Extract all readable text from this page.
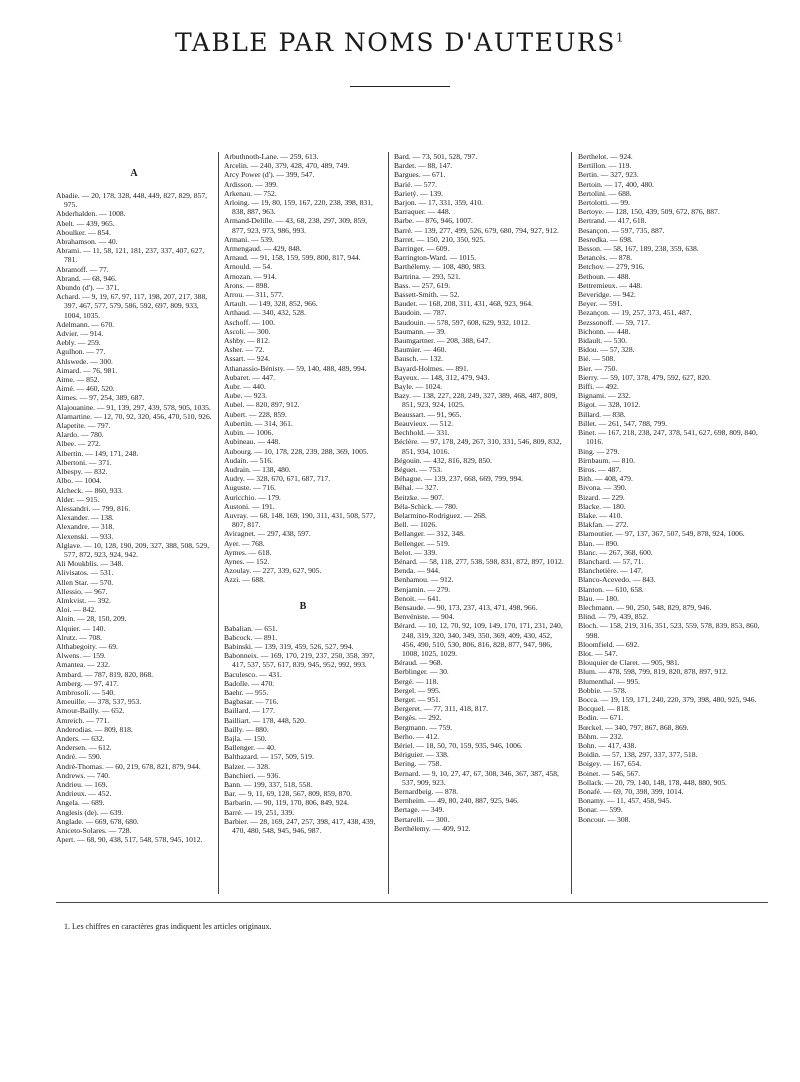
TABLE PAR NOMS D'AUTEURS$^1$

A

Abadie. — 20, 178, 328, 448, 449, 827, 829, 857, 975.

Abderhalden. — 1008.

Abelt. — 439, 965.

Aboulker. — 854.

Abrahamson. — 40.

Abrami. — 11, 58, 121, 181, 237, 337, 407, 627, 781.

Abramoff. — 77.

Abrand. — 68, 946.

Abundo (d'). — 371.

Achard. — 9, 19, 67, 97, 117, 198, 207, 217, 388, 397, 467, 577, 579, 586, 592, 697, 809, 933, 1004, 1035.

Adelmann. — 670.

Advier. — 914.

Aebly. — 259.

Agulhon. — 77.

Ahlswede. — 300.

Aimard. — 76, 981.

Aime. — 852.

Aimé. — 460, 520.

Aimes. — 97, 254, 389, 687.

Alajouanine. — 91, 139, 297, 439, 578, 905, 1035.

Alamartine. — 12, 70, 92, 320, 456, 470, 510, 926.

Alapetite. — 797.

Alardo. — 780.

Albee. — 272.

Albertin. — 149, 171, 248.

Albertoni. — 371.

Albespy. — 832.

Albo. — 1004.

Alcheck. — 860, 933.

Alder. — 915.

Alessandri. — 799, 816.

Alexander. — 138.

Alexandre. — 318.

Alexenski. — 933.

Alglave. — 10, 128, 190, 209, 327, 388, 508, 529, 577, 872, 923, 924, 942.

Ali Moukblis. — 348.

Alivisatos. — 531.

Allen Star. — 570.

Allessio. — 967.

Almkvist. — 392.

Aloi. — 842.

Aloin. — 28, 150, 209.

Alquier. — 140.

Alrutz. — 708.

Althabegoity. — 69.

Alwens. — 159.

Amantea. — 232.

Ambard. — 787, 819, 820, 868.

Amberg. — 97, 417.

Ambrosoli. — 540.

Ameuille. — 378, 537, 953.

Amour-Bailly. — 652.

Amreich. — 771.

Anderodias. — 809, 818.

Anders. — 632.

Andersen. — 612.

André. — 590.

André-Thomas. — 60, 219, 678, 821, 879, 944.

Andrews. — 740.

Andrieu. — 169.

Andrieux. — 452.

Angela. — 689.

Anglesis (de). — 639.

Anglade. — 669, 678, 680.

Aniceto-Solares. — 728.

Apert. — 68, 90, 438, 517, 548, 578, 945, 1012.

Arbuthnoth-Lane. — 259, 613.

Arcelin. — 240, 379, 428, 470, 489, 749.

Arcy Power (d'). — 399, 547.

Ardisson. — 399.

Arkenau. — 752.

Arloing. — 19, 80, 159, 167, 220, 238, 398, 831, 838, 887, 963.

Armand-Delille. — 43, 68, 238, 297, 309, 859, 877, 923, 973, 986, 993.

Armani. — 539.

Armengaud. — 429, 848.

Arnaud. — 91, 158, 159, 599, 800, 817, 944.

Arnould. — 54.

Arnozan. — 914.

Arons. — 898.

Arrou. — 311, 577.

Artault. — 149, 328, 852, 966.

Arthaud. — 340, 432, 528.

Aschoff. — 100.

Ascoli. — 300.

Ashby. — 812.

Asher. — 72.

Assart. — 924.

Athanassio-Bénisty. — 59, 140, 488, 489, 994.

Aubaret. — 447.

Aubr. — 440.

Aube. — 923.

Aubel. — 820, 897, 912.

Aubert. — 228, 859.

Aubertin. — 314, 361.

Aubin. — 1006.

Aubineau. — 448.

Aubourg. — 10, 178, 228, 239, 288, 369, 1005.

Audain. — 516.

Audrain. — 138, 480.

Audry. — 328, 670, 671, 687, 717.

Auguste. — 716.

Auricchio. — 179.

Austoni. — 191.

Auvray. — 68, 148, 169, 190, 311, 431, 508, 577, 807, 817.

Aviragnet. — 297, 438, 597.

Ayer. — 768.

Aymes. — 618.

Aynes. — 152.

Azoulay. — 227, 339, 627, 905.

Azzi. — 688.

B

Babalian. — 651.

Babcock. — 891.

Babinski. — 139, 319, 459, 526, 527, 994.

Babonneix. — 169, 170, 219, 237, 250, 358, 397, 417, 537, 557, 617, 839, 945, 952, 992, 993.

Baculesco. — 431.

Badolle. — 470.

Baehr. — 955.

Bagbasar. — 716.

Baillard. — 177.

Bailliart. — 178, 448, 520.

Bailly. — 880.

Bajla. — 150.

Ballenger. — 40.

Balthazard. — 157, 509, 519.

Balzer. — 328.

Banchieri. — 936.

Bann. — 199, 337, 518, 558.

Bar. — 9, 11, 69, 128, 567, 809, 859, 870.

Barbarin. — 90, 119, 170, 806, 849, 924.

Barré. — 19, 251, 339.

Barbier. — 28, 169, 247, 257, 398, 417, 438, 439, 470, 480, 548, 945, 946, 987.

Bard. — 73, 501, 528, 797.

Bardet. — 88, 147.

Bargues. — 671.

Barié. — 577.

Barietý. — 139.

Barjon. — 17, 331, 359, 410.

Barraquer. — 448.

Barbe. — 876, 946, 1007.

Barré. — 139, 277, 499, 526, 679, 680, 794, 927, 912.

Barret. — 150, 210, 350, 925.

Barringer. — 609.

Barrington-Ward. — 1015.

Barthélemy. — 108, 480, 983.

Bartrina. — 293, 521.

Bass. — 257, 619.

Bassett-Smith. — 52.

Baudet. — 168, 208, 311, 431, 468, 923, 964.

Baudoin. — 787.

Baudouin. — 578, 597, 608, 629, 932, 1012.

Baumann. — 39.

Baumgartner. — 208, 388, 647.

Baumier. — 460.

Bausch. — 132.

Bayard-Holmes. — 891.

Bayeux. — 148, 312, 479, 943.

Bayle. — 1024.

Bazy. — 138, 227, 228, 249, 327, 389, 468, 487, 809, 851, 923, 924, 1025.

Beaussart. — 91, 965.

Beauvieux. — 512.

Bechhold. — 331.

Béclère. — 97, 178, 249, 267, 310, 331, 546, 809, 832, 851, 934, 1016.

Bégouin. — 432, 816, 829, 850.

Béguet. — 753.

Béhague. — 139, 237, 668, 669, 799, 994.

Béhal. — 327.

Beitzke. — 907.

Béla-Schick. — 780.

Belarmino-Rodriguez. — 268.

Bell. — 1026.

Bellanger. — 312, 348.

Bellenger. — 519.

Belot. — 339.

Bénard. — 58, 118, 277, 538, 598, 831, 872, 897, 1012.

Benda. — 944.

Benhamou. — 912.

Benjamin. — 279.

Benoit. — 641.

Bensaude. — 90, 173, 237, 413, 471, 498, 966.

Benvéniste. — 904.

Bérard. — 10, 12, 70, 92, 109, 149, 170, 171, 231, 240, 248, 319, 320, 340, 349, 350, 369, 409, 430, 452, 456, 490, 510, 530, 806, 816, 828, 877, 947, 986, 1008, 1025, 1029.

Béraud. — 968.

Berblinger. — 30.

Bergé. — 118.

Bergel. — 995.

Berger. — 951.

Bergeret. — 77, 311, 418, 817.

Bergès. — 292.

Bergmann. — 759.

Berho. — 412.

Bériel. — 18, 50, 70, 159, 935, 946, 1006.

Bériguier. — 338.

Bering. — 758.

Bernard. — 9, 10, 27, 47, 67, 308, 346, 367, 387, 458, 537, 909, 923.

Bernardbeig. — 878.

Bernheim. — 49, 80, 240, 887, 925, 946.

Bertage. — 349.

Bertarelli. — 300.

Berthélemy. — 409, 912.

Berthelot. — 924.

Bertillon. — 119.

Bertin. — 327, 923.

Bertoin. — 17, 400, 480.

Bertolini. — 688.

Bertolotti. — 99.

Bertoye. — 128, 150, 439, 509, 672, 876, 887.

Bertrand. — 417, 618.

Besançon. — 597, 735, 887.

Besredka. — 698.

Besson. — 58, 167, 189, 238, 359, 638.

Betancès. — 878.

Betchov. — 279, 916.

Bethoun. — 488.

Bettremieux. — 448.

Beveridge. — 942.

Beyer. — 591.

Bezançon. — 19, 257, 373, 451, 487.

Bezssonoff. — 59, 717.

Bichonn. — 448.

Bidault. — 530.

Bidou. — 57, 328.

Bié. — 508.

Bier. — 750.

Bierry. — 59, 107, 378, 479, 592, 627, 820.

Biffi. — 492.

Bignami. — 232.

Bigot. — 328, 1012.

Billard. — 838.

Billet. — 261, 547, 788, 799.

Binet. — 167, 218, 238, 247, 378, 541, 627, 698, 809, 840, 1016.

Bing. — 279.

Birnbaum. — 810.

Biros. — 487.

Bith. — 408, 479.

Bivona. — 390.

Bizard. — 229.

Blacke. — 180.

Blake. — 410.

Blakfan. — 272.

Blamoutier. — 97, 137, 367, 507, 549, 878, 924, 1006.

Blan. — 890.

Blanc. — 267, 368, 600.

Blanchard. — 57, 71.

Blanchetière. — 147.

Blanco-Acevedo. — 843.

Blanton. — 610, 658.

Blau. — 180.

Blechmann. — 90, 250, 548, 829, 879, 946.

Blind. — 79, 439, 852.

Bloch. — 158, 219, 316, 351, 523, 559, 578, 839, 853, 860, 998.

Bloomfield. — 692.

Blot. — 547.

Blouquier de Claret. — 905, 981.

Blum. — 478, 598, 799, 819, 820, 878, 897, 912.

Blumenthal. — 995.

Bobbie. — 578.

Bocca. — 19, 159, 171, 240, 220, 379, 398, 480, 925, 946.

Bocquel. — 818.

Bodin. — 671.

Bœckel. — 340, 797, 867, 868, 869.

Böhm. — 232.

Bohn. — 417, 438.

Boidin. — 57, 138, 297, 337, 377, 518.

Boigey. — 167, 654.

Boinet. — 546, 567.

Bollack. — 20, 79, 140, 148, 178, 448, 880, 905.

Bonafé. — 69, 70, 398, 399, 1014.

Bonamy. — 11, 457, 458, 945.

Bonar. — 599.

Boncour. — 308.

1. Les chiffres en caractères gras indiquent les articles originaux.
